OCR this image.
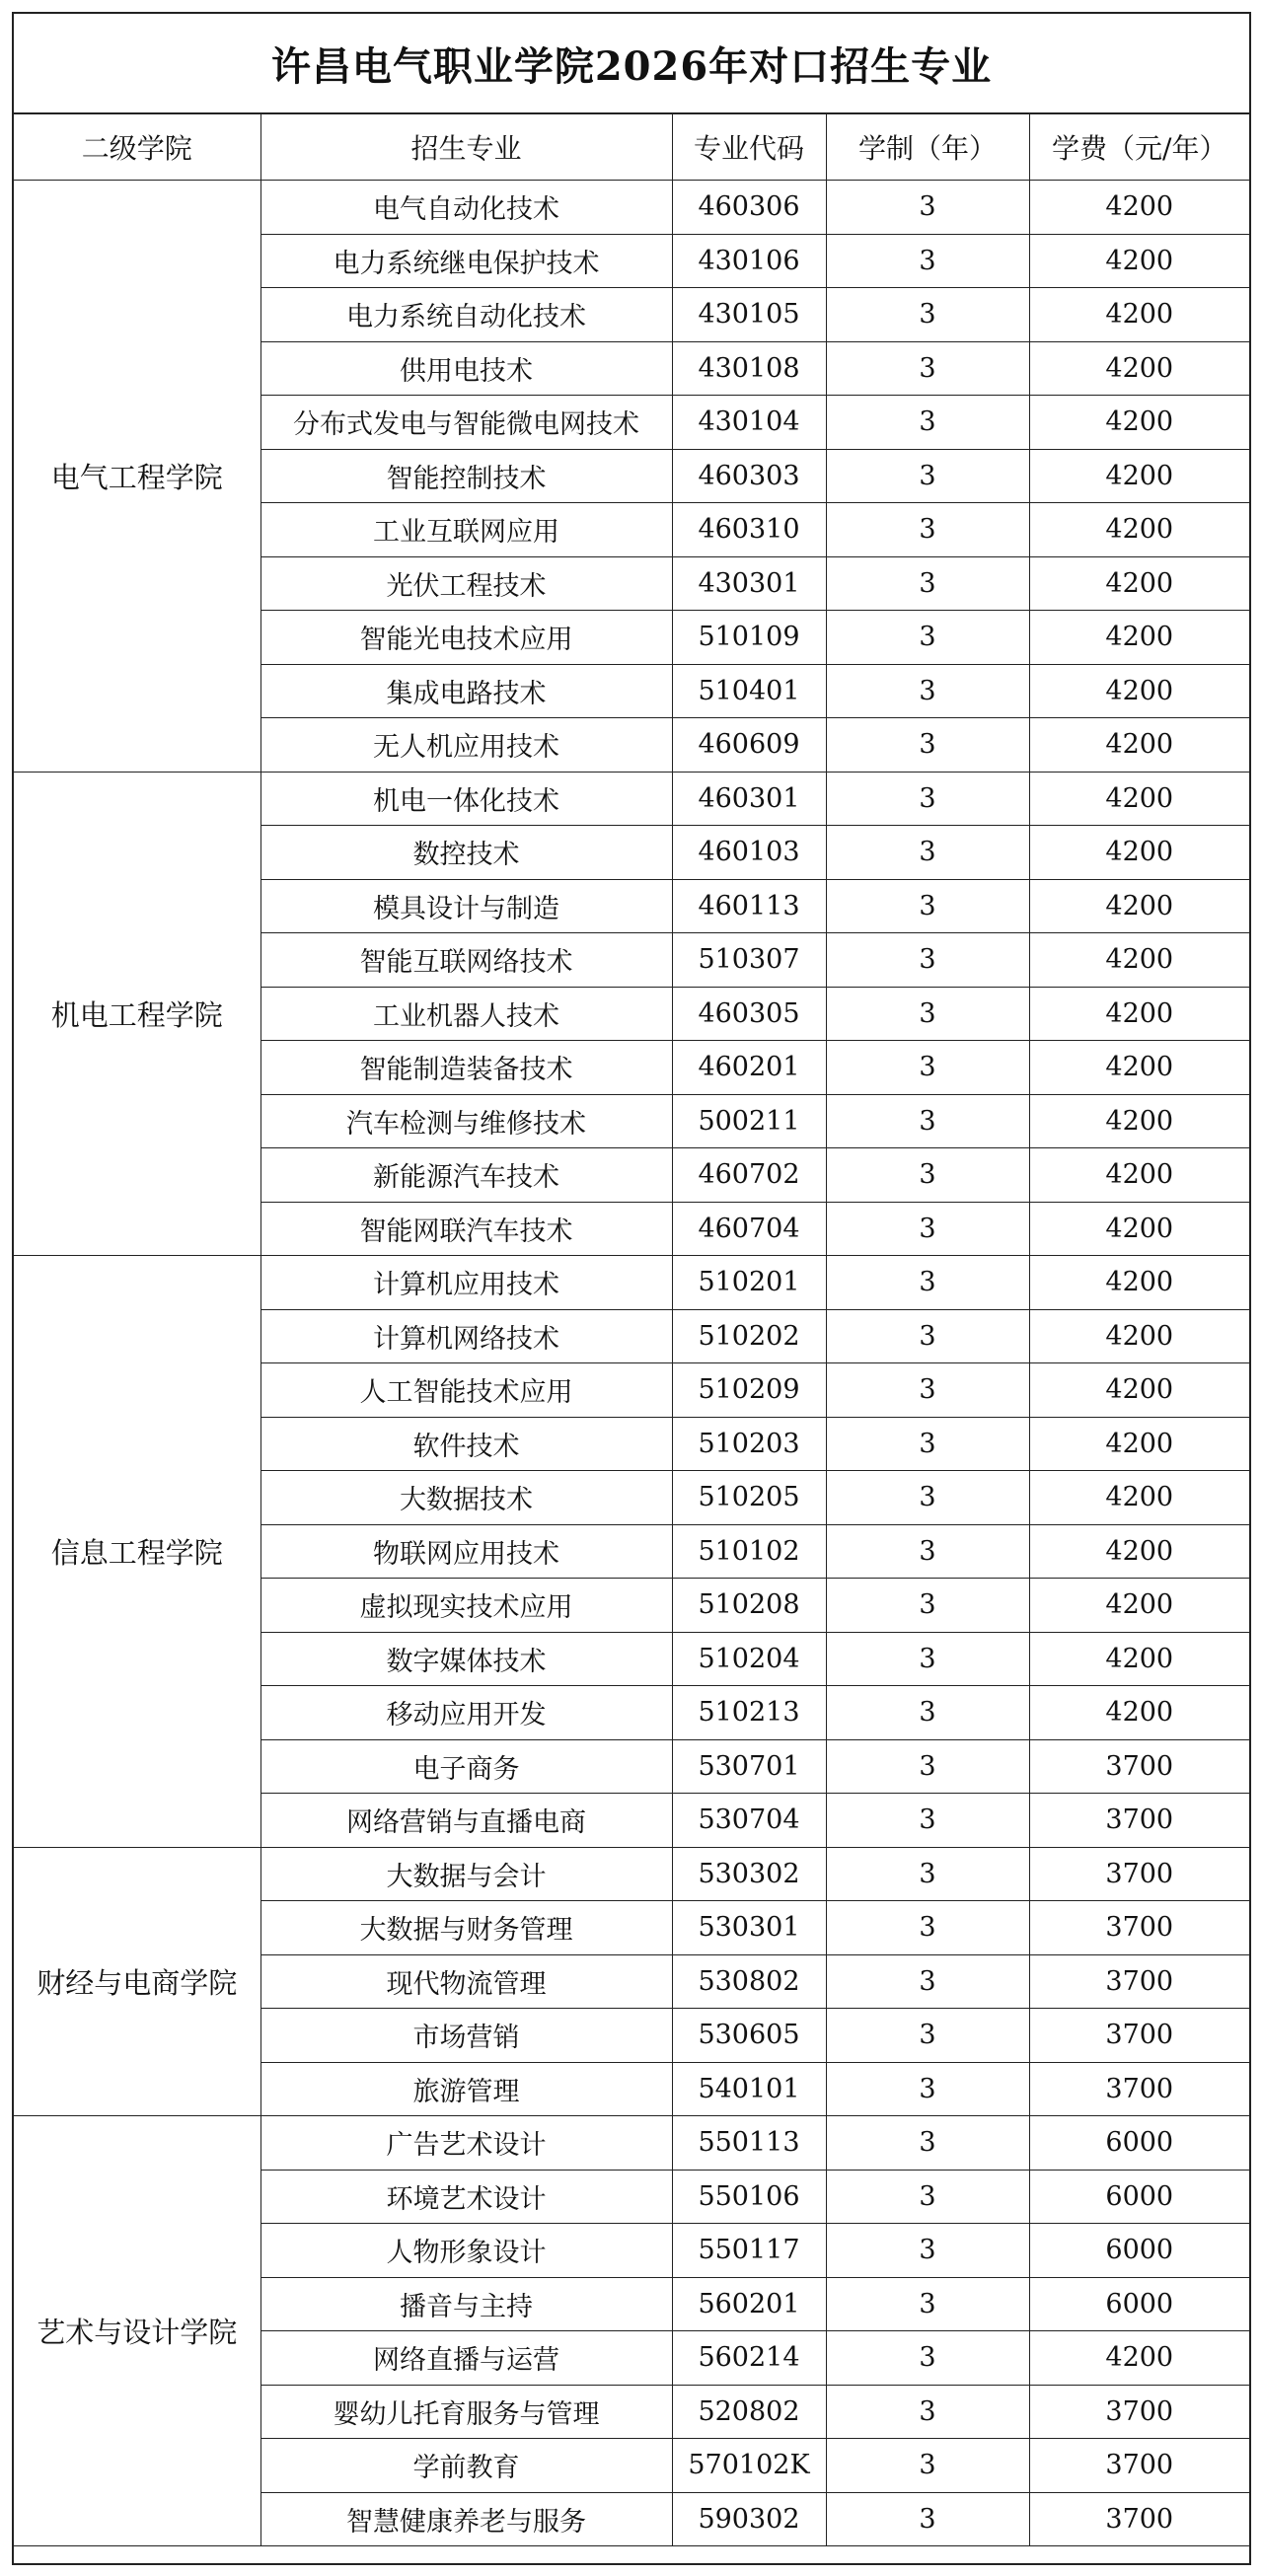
许昌电气职业学院2026年对口招生专业
二级学院	招生专业	专业代码	学制（年）	学费（元/年）
电气工程学院	电气自动化技术	460306	3	4200
	电力系统继电保护技术	430106	3	4200
	电力系统自动化技术	430105	3	4200
	供用电技术	430108	3	4200
	分布式发电与智能微电网技术	430104	3	4200
	智能控制技术	460303	3	4200
	工业互联网应用	460310	3	4200
	光伏工程技术	430301	3	4200
	智能光电技术应用	510109	3	4200
	集成电路技术	510401	3	4200
	无人机应用技术	460609	3	4200
机电工程学院	机电一体化技术	460301	3	4200
	数控技术	460103	3	4200
	模具设计与制造	460113	3	4200
	智能互联网络技术	510307	3	4200
	工业机器人技术	460305	3	4200
	智能制造装备技术	460201	3	4200
	汽车检测与维修技术	500211	3	4200
	新能源汽车技术	460702	3	4200
	智能网联汽车技术	460704	3	4200
信息工程学院	计算机应用技术	510201	3	4200
	计算机网络技术	510202	3	4200
	人工智能技术应用	510209	3	4200
	软件技术	510203	3	4200
	大数据技术	510205	3	4200
	物联网应用技术	510102	3	4200
	虚拟现实技术应用	510208	3	4200
	数字媒体技术	510204	3	4200
	移动应用开发	510213	3	4200
	电子商务	530701	3	3700
	网络营销与直播电商	530704	3	3700
财经与电商学院	大数据与会计	530302	3	3700
	大数据与财务管理	530301	3	3700
	现代物流管理	530802	3	3700
	市场营销	530605	3	3700
	旅游管理	540101	3	3700
艺术与设计学院	广告艺术设计	550113	3	6000
	环境艺术设计	550106	3	6000
	人物形象设计	550117	3	6000
	播音与主持	560201	3	6000
	网络直播与运营	560214	3	4200
	婴幼儿托育服务与管理	520802	3	3700
	学前教育	570102K	3	3700
	智慧健康养老与服务	590302	3	3700
